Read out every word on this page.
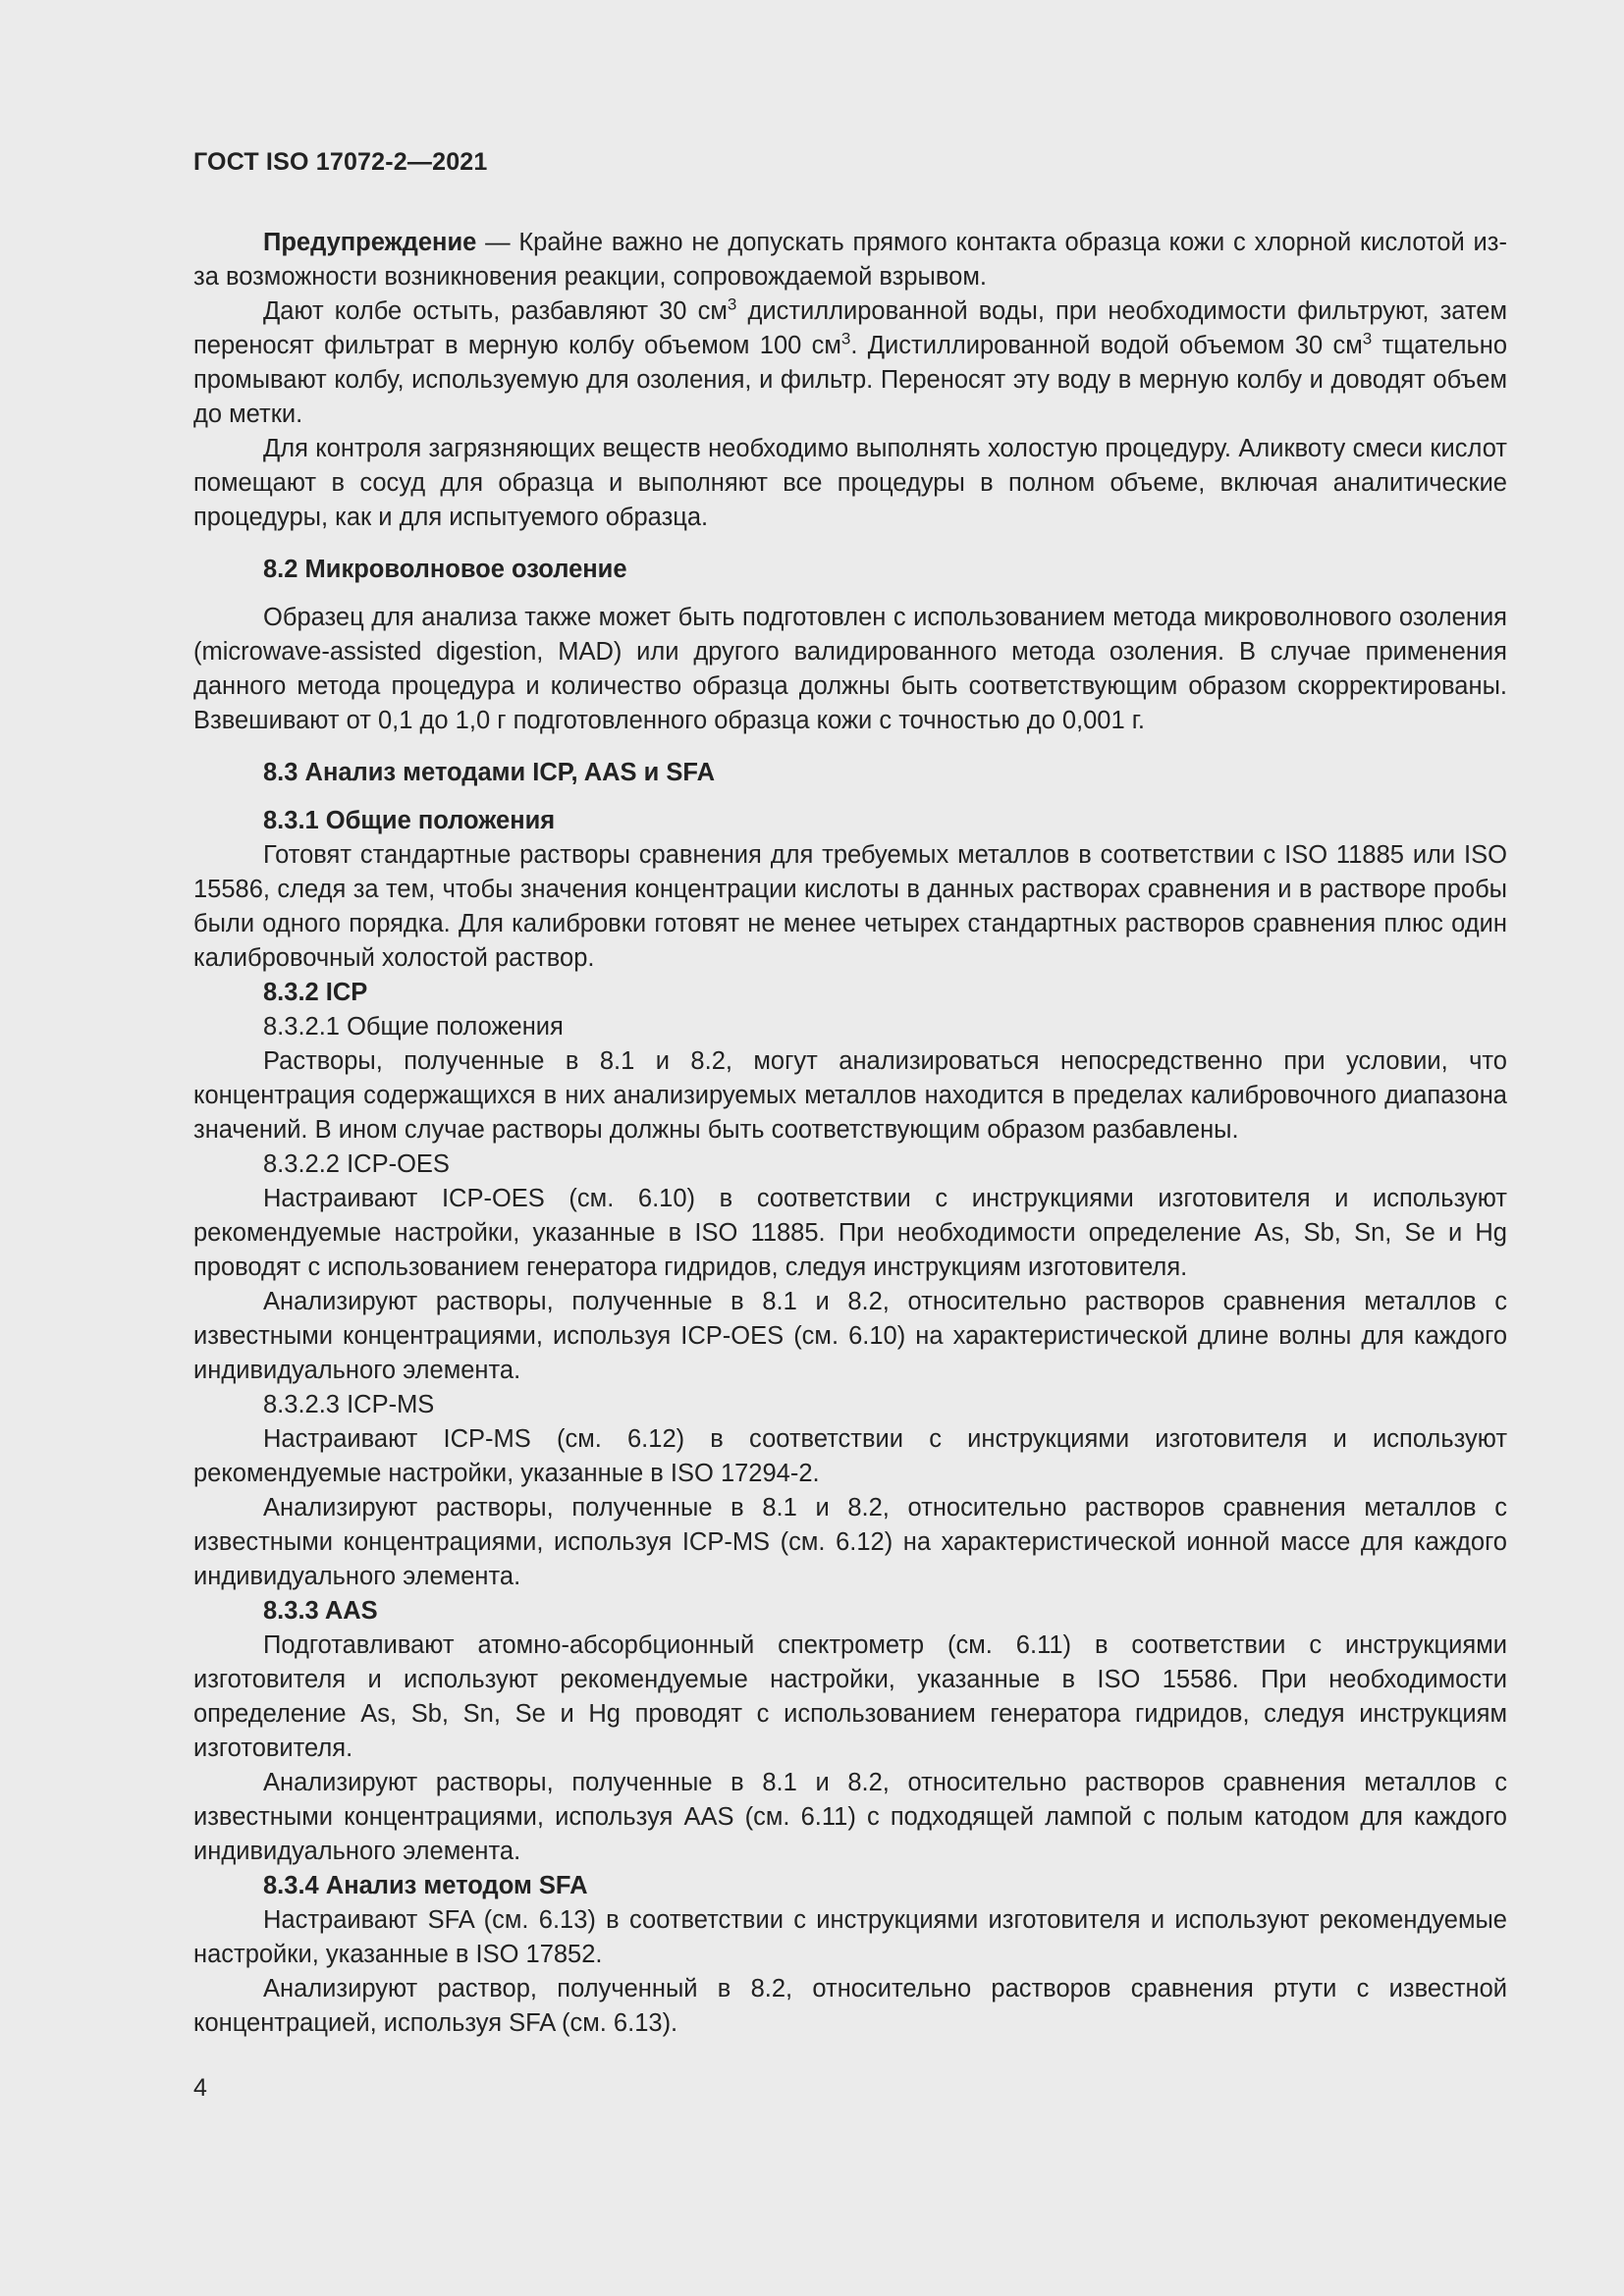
ГОСТ ISO 17072-2—2021

Предупреждение — Крайне важно не допускать прямого контакта образца кожи с хлорной кислотой из-за возможности возникновения реакции, сопровождаемой взрывом.

Дают колбе остыть, разбавляют 30 $см^3$ дистиллированной воды, при необходимости фильтруют, затем переносят фильтрат в мерную колбу объемом 100 $см^3$. Дистиллированной водой объемом 30 $см^3$ тщательно промывают колбу, используемую для озоления, и фильтр. Переносят эту воду в мерную колбу и доводят объем до метки.

Для контроля загрязняющих веществ необходимо выполнять холостую процедуру. Аликвоту смеси кислот помещают в сосуд для образца и выполняют все процедуры в полном объеме, включая аналитические процедуры, как и для испытуемого образца.

8.2 Микроволновое озоление

Образец для анализа также может быть подготовлен с использованием метода микроволнового озоления (microwave-assisted digestion, MAD) или другого валидированного метода озоления. В случае применения данного метода процедура и количество образца должны быть соответствующим образом скорректированы. Взвешивают от 0,1 до 1,0 г подготовленного образца кожи с точностью до 0,001 г.

8.3 Анализ методами ICP, AAS и SFA

8.3.1 Общие положения

Готовят стандартные растворы сравнения для требуемых металлов в соответствии с ISO 11885 или ISO 15586, следя за тем, чтобы значения концентрации кислоты в данных растворах сравнения и в растворе пробы были одного порядка. Для калибровки готовят не менее четырех стандартных растворов сравнения плюс один калибровочный холостой раствор.

8.3.2 ICP

8.3.2.1 Общие положения

Растворы, полученные в 8.1 и 8.2, могут анализироваться непосредственно при условии, что концентрация содержащихся в них анализируемых металлов находится в пределах калибровочного диапазона значений. В ином случае растворы должны быть соответствующим образом разбавлены.

8.3.2.2 ICP-OES

Настраивают ICP-OES (см. 6.10) в соответствии с инструкциями изготовителя и используют рекомендуемые настройки, указанные в ISO 11885. При необходимости определение As, Sb, Sn, Se и Hg проводят с использованием генератора гидридов, следуя инструкциям изготовителя.

Анализируют растворы, полученные в 8.1 и 8.2, относительно растворов сравнения металлов с известными концентрациями, используя ICP-OES (см. 6.10) на характеристической длине волны для каждого индивидуального элемента.

8.3.2.3 ICP-MS

Настраивают ICP-MS (см. 6.12) в соответствии с инструкциями изготовителя и используют рекомендуемые настройки, указанные в ISO 17294-2.

Анализируют растворы, полученные в 8.1 и 8.2, относительно растворов сравнения металлов с известными концентрациями, используя ICP-MS (см. 6.12) на характеристической ионной массе для каждого индивидуального элемента.

8.3.3 AAS

Подготавливают атомно-абсорбционный спектрометр (см. 6.11) в соответствии с инструкциями изготовителя и используют рекомендуемые настройки, указанные в ISO 15586. При необходимости определение As, Sb, Sn, Se и Hg проводят с использованием генератора гидридов, следуя инструкциям изготовителя.

Анализируют растворы, полученные в 8.1 и 8.2, относительно растворов сравнения металлов с известными концентрациями, используя AAS (см. 6.11) с подходящей лампой с полым катодом для каждого индивидуального элемента.

8.3.4 Анализ методом SFA

Настраивают SFA (см. 6.13) в соответствии с инструкциями изготовителя и используют рекомендуемые настройки, указанные в ISO 17852.

Анализируют раствор, полученный в 8.2, относительно растворов сравнения ртути с известной концентрацией, используя SFA (см. 6.13).

4
